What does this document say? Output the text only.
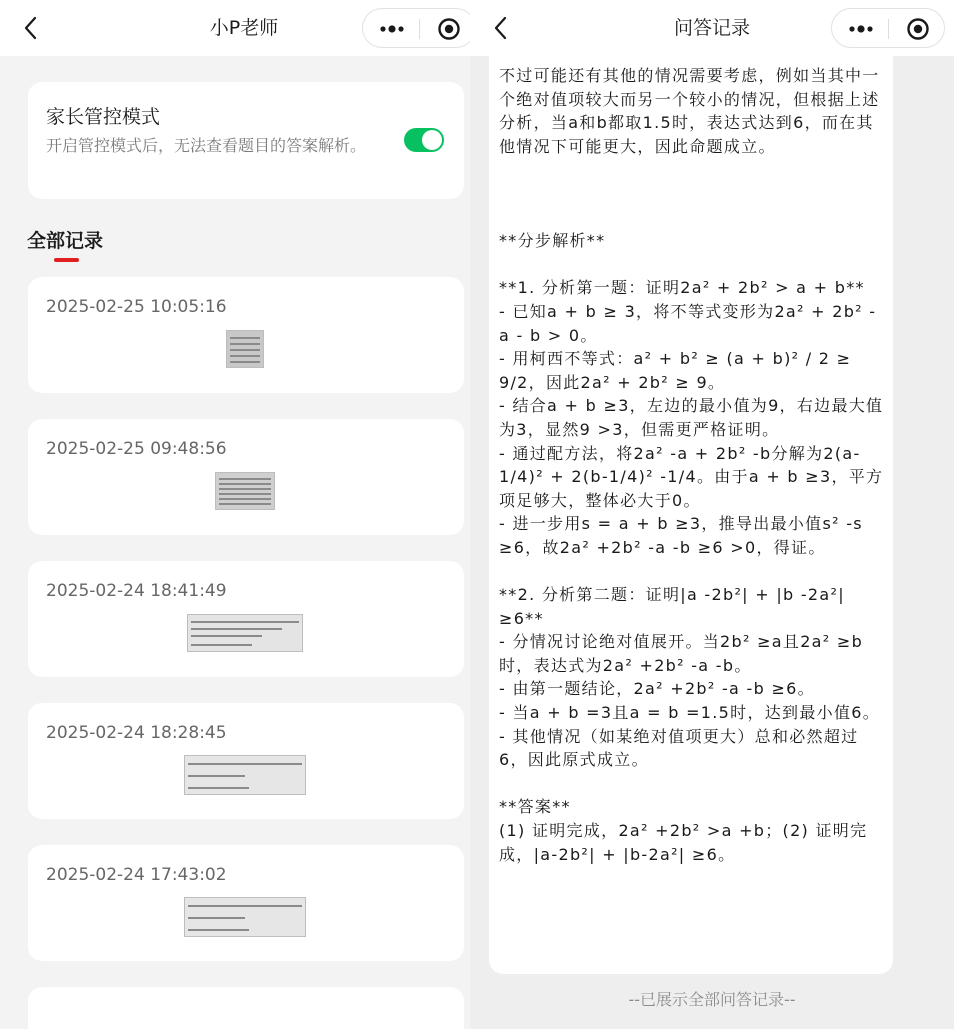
小P老师
家长管控模式
开启管控模式后，无法查看题目的答案解析。
全部记录
2025-02-25 10:05:16
2025-02-25 09:48:56
2025-02-24 18:41:49
2025-02-24 18:28:45
2025-02-24 17:43:02
问答记录
不过可能还有其他的情况需要考虑，例如当其中一个绝对值项较大而另一个较小的情况，但根据上述分析，当a和b都取1.5时，表达式达到6，而在其他情况下可能更大，因此命题成立。

**分步解析**

**1. 分析第一题：证明2a² + 2b² > a + b**
- 已知a + b ≥ 3，将不等式变形为2a² + 2b² - a - b > 0。
- 用柯西不等式：a² + b² ≥ (a + b)² / 2 ≥ 9/2，因此2a² + 2b² ≥ 9。
- 结合a + b ≥3，左边的最小值为9，右边最大值为3，显然9 >3，但需更严格证明。
- 通过配方法，将2a² -a + 2b² -b分解为2(a-1/4)² + 2(b-1/4)² -1/4。由于a + b ≥3，平方项足够大，整体必大于0。
- 进一步用s = a + b ≥3，推导出最小值s² -s ≥6，故2a² +2b² -a -b ≥6 >0，得证。

**2. 分析第二题：证明|a -2b²| + |b -2a²| ≥6**
- 分情况讨论绝对值展开。当2b² ≥a且2a² ≥b时，表达式为2a² +2b² -a -b。
- 由第一题结论，2a² +2b² -a -b ≥6。
- 当a + b =3且a = b =1.5时，达到最小值6。
- 其他情况（如某绝对值项更大）总和必然超过6，因此原式成立。

**答案**
(1) 证明完成，2a² +2b² >a +b；(2) 证明完成，|a-2b²| + |b-2a²| ≥6。
--已展示全部问答记录--
